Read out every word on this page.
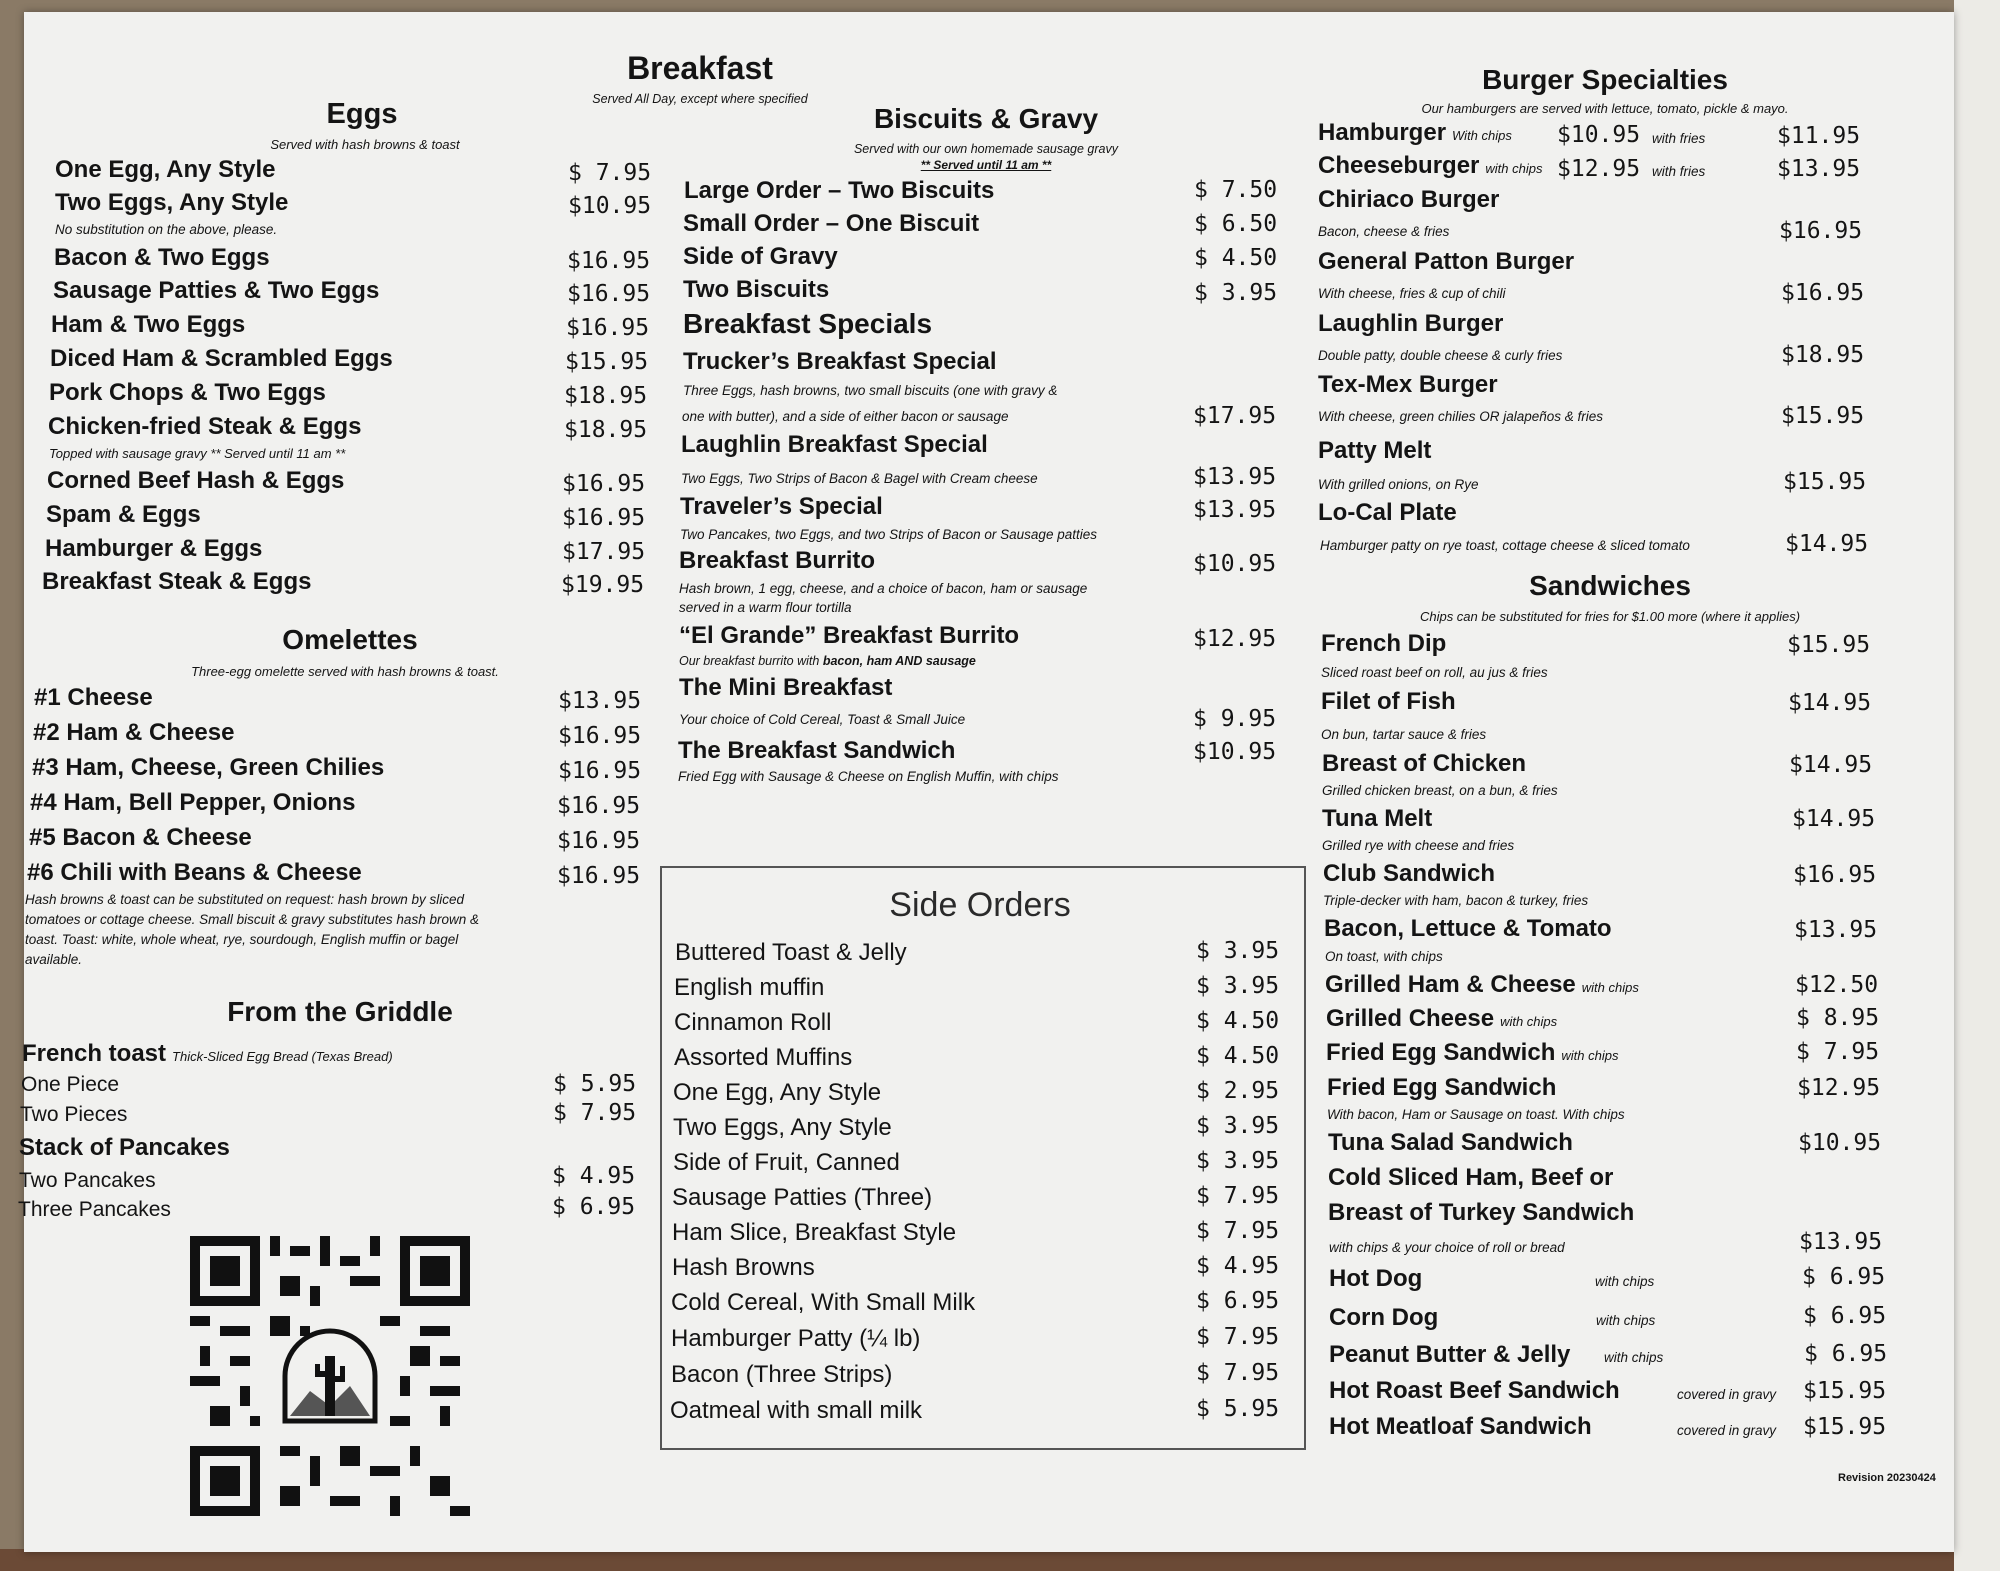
Breakfast
Served All Day, except where specified
Eggs
Served with hash browns & toast
One Egg, Any Style	$ 7.95
Two Eggs, Any Style	$10.95
No substitution on the above, please.
Bacon & Two Eggs	$16.95
Sausage Patties & Two Eggs	$16.95
Ham & Two Eggs	$16.95
Diced Ham & Scrambled Eggs	$15.95
Pork Chops & Two Eggs	$18.95
Chicken-fried Steak & Eggs	$18.95
Topped with sausage gravy ** Served until 11 am **
Corned Beef Hash & Eggs	$16.95
Spam & Eggs	$16.95
Hamburger & Eggs	$17.95
Breakfast Steak & Eggs	$19.95
Omelettes
Three-egg omelette served with hash browns & toast.
#1 Cheese	$13.95
#2 Ham & Cheese	$16.95
#3 Ham, Cheese, Green Chilies	$16.95
#4 Ham, Bell Pepper, Onions	$16.95
#5 Bacon & Cheese	$16.95
#6 Chili with Beans & Cheese	$16.95
Hash browns & toast can be substituted on request: hash brown by sliced tomatoes or cottage cheese. Small biscuit & gravy substitutes hash brown & toast. Toast: white, whole wheat, rye, sourdough, English muffin or bagel available.
From the Griddle
French toast Thick-Sliced Egg Bread (Texas Bread)
One Piece	$ 5.95
Two Pieces	$ 7.95
Stack of Pancakes
Two Pancakes	$ 4.95
Three Pancakes	$ 6.95
Biscuits & Gravy
Served with our own homemade sausage gravy
** Served until 11 am **
Large Order – Two Biscuits	$ 7.50
Small Order – One Biscuit	$ 6.50
Side of Gravy	$ 4.50
Two Biscuits	$ 3.95
Breakfast Specials
Trucker’s Breakfast Special
Three Eggs, hash browns, two small biscuits (one with gravy &
one with butter), and a side of either bacon or sausage	$17.95
Laughlin Breakfast Special
Two Eggs, Two Strips of Bacon & Bagel with Cream cheese	$13.95
Traveler’s Special
Two Pancakes, two Eggs, and two Strips of Bacon or Sausage patties
$13.95
Breakfast Burrito
Hash brown, 1 egg, cheese, and a choice of bacon, ham or sausage
served in a warm flour tortilla
$10.95
“El Grande” Breakfast Burrito
Our breakfast burrito with bacon, ham AND sausage
$12.95
The Mini Breakfast
Your choice of Cold Cereal, Toast & Small Juice	$ 9.95
The Breakfast Sandwich
Fried Egg with Sausage & Cheese on English Muffin, with chips
$10.95
Side Orders
Buttered Toast & Jelly	$ 3.95
English muffin	$ 3.95
Cinnamon Roll	$ 4.50
Assorted Muffins	$ 4.50
One Egg, Any Style	$ 2.95
Two Eggs, Any Style	$ 3.95
Side of Fruit, Canned	$ 3.95
Sausage Patties (Three)	$ 7.95
Ham Slice, Breakfast Style	$ 7.95
Hash Browns	$ 4.95
Cold Cereal, With Small Milk	$ 6.95
Hamburger Patty (¼ lb)	$ 7.95
Bacon (Three Strips)	$ 7.95
Oatmeal with small milk	$ 5.95
Burger Specialties
Our hamburgers are served with lettuce, tomato, pickle & mayo.
Hamburger With chips $10.95 with fries	$11.95
Cheeseburger with chips $12.95 with fries	$13.95
Chiriaco Burger
Bacon, cheese & fries	$16.95
General Patton Burger
With cheese, fries & cup of chili	$16.95
Laughlin Burger
Double patty, double cheese & curly fries	$18.95
Tex-Mex Burger
With cheese, green chilies OR jalapeños & fries	$15.95
Patty Melt
With grilled onions, on Rye	$15.95
Lo-Cal Plate
Hamburger patty on rye toast, cottage cheese & sliced tomato	$14.95
Sandwiches
Chips can be substituted for fries for $1.00 more (where it applies)
French Dip
Sliced roast beef on roll, au jus & fries
$15.95
Filet of Fish
On bun, tartar sauce & fries
$14.95
Breast of Chicken
Grilled chicken breast, on a bun, & fries
$14.95
Tuna Melt
Grilled rye with cheese and fries
$14.95
Club Sandwich
Triple-decker with ham, bacon & turkey, fries
$16.95
Bacon, Lettuce & Tomato
On toast, with chips
$13.95
Grilled Ham & Cheese with chips	$12.50
Grilled Cheese with chips	$ 8.95
Fried Egg Sandwich with chips	$ 7.95
Fried Egg Sandwich
With bacon, Ham or Sausage on toast. With chips
$12.95
Tuna Salad Sandwich	$10.95
Cold Sliced Ham, Beef or
Breast of Turkey Sandwich
with chips & your choice of roll or bread	$13.95
Hot Dog	with chips	$ 6.95
Corn Dog	with chips	$ 6.95
Peanut Butter & Jelly with chips	$ 6.95
Hot Roast Beef Sandwich	covered in gravy $15.95
Hot Meatloaf Sandwich	covered in gravy $15.95
Revision 20230424
